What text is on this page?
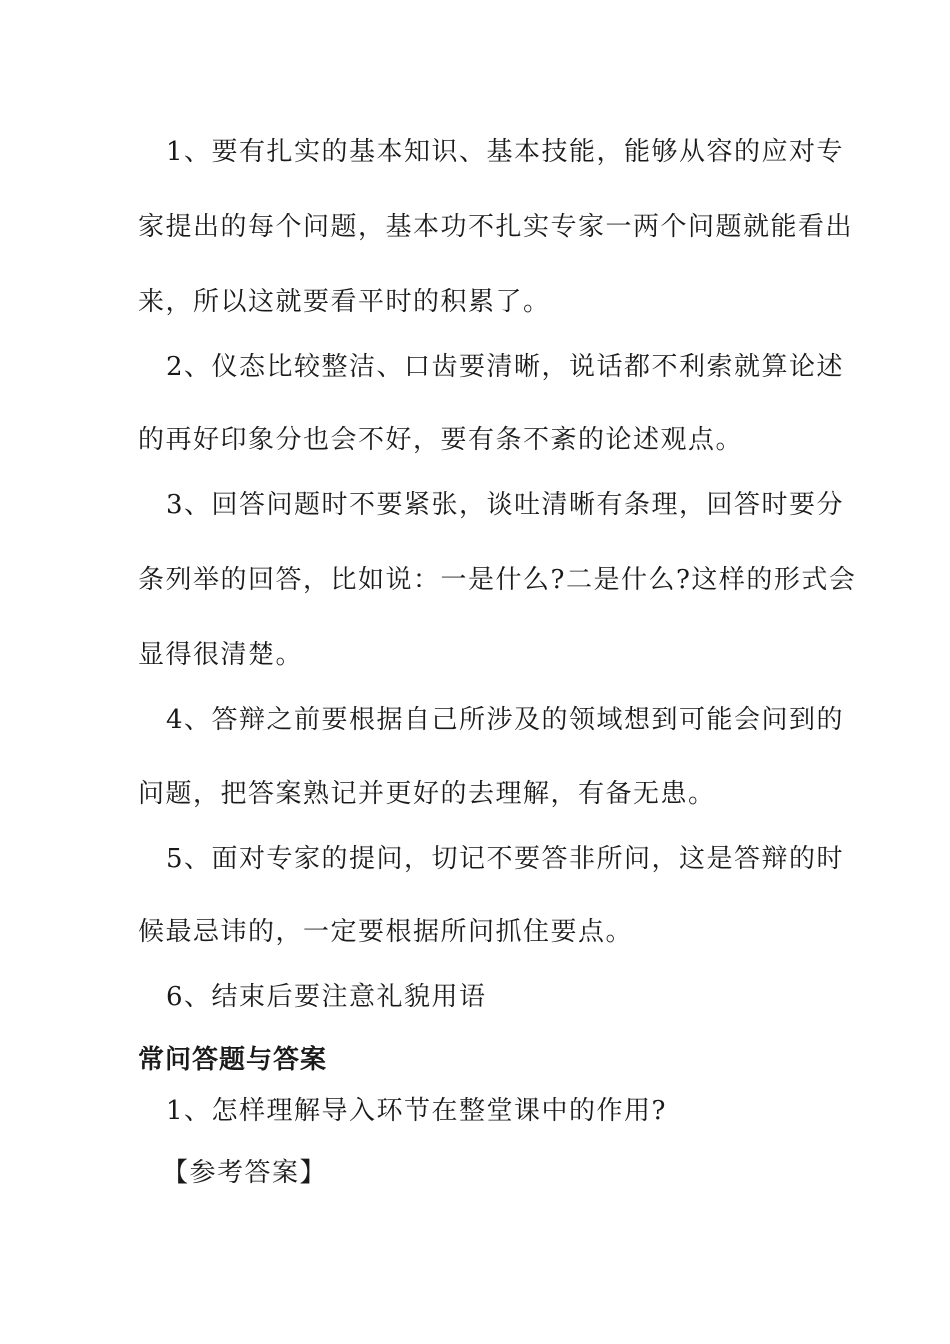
1、要有扎实的基本知识、基本技能，能够从容的应对专
家提出的每个问题，基本功不扎实专家一两个问题就能看出
来，所以这就要看平时的积累了。
2、仪态比较整洁、口齿要清晰，说话都不利索就算论述
的再好印象分也会不好，要有条不紊的论述观点。
3、回答问题时不要紧张，谈吐清晰有条理，回答时要分
条列举的回答，比如说：一是什么?二是什么?这样的形式会
显得很清楚。
4、答辩之前要根据自己所涉及的领域想到可能会问到的
问题，把答案熟记并更好的去理解，有备无患。
5、面对专家的提问，切记不要答非所问，这是答辩的时
候最忌讳的，一定要根据所问抓住要点。
6、结束后要注意礼貌用语
常问答题与答案
1、怎样理解导入环节在整堂课中的作用?
【参考答案】
